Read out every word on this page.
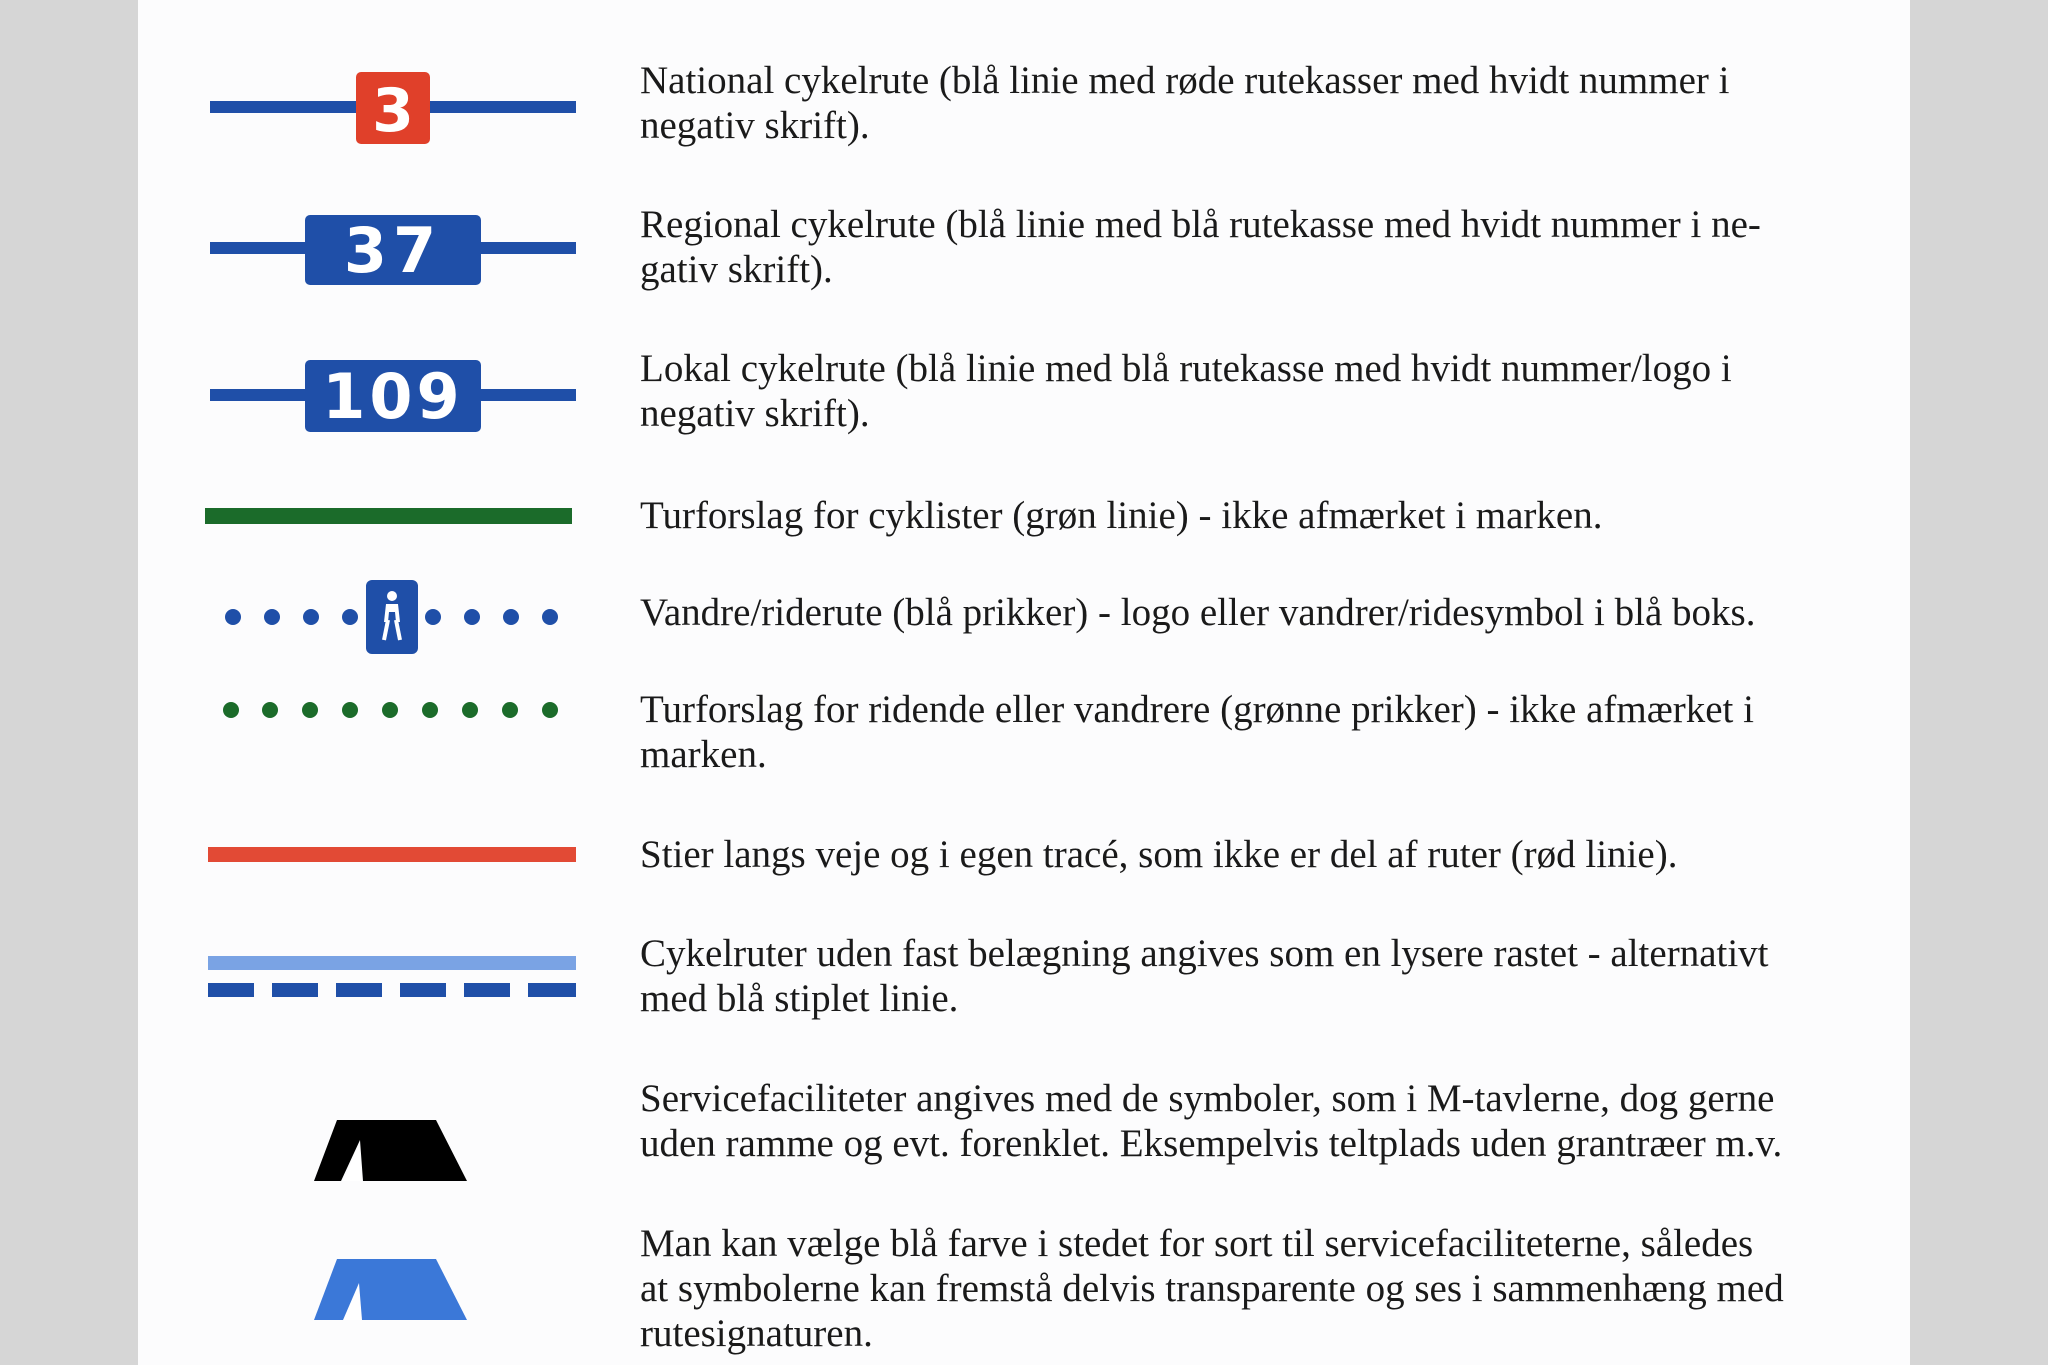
3
37
109
National cykelrute (blå linie med røde rutekasser med hvidt nummer i
negativ skrift).
Regional cykelrute (blå linie med blå rutekasse med hvidt nummer i ne-
gativ skrift).
Lokal cykelrute (blå linie med blå rutekasse med hvidt nummer/logo i
negativ skrift).
Turforslag for cyklister (grøn linie) - ikke afmærket i marken.
Vandre/riderute (blå prikker) - logo eller vandrer/ridesymbol i blå boks.
Turforslag for ridende eller vandrere (grønne prikker) - ikke afmærket i
marken.
Stier langs veje og i egen tracé, som ikke er del af ruter (rød linie).
Cykelruter uden fast belægning angives som en lysere rastet - alternativt
med blå stiplet linie.
Servicefaciliteter angives med de symboler, som i M-tavlerne, dog gerne
uden ramme og evt. forenklet. Eksempelvis teltplads uden grantræer m.v.
Man kan vælge blå farve i stedet for sort til servicefaciliteterne, således
at symbolerne kan fremstå delvis transparente og ses i sammenhæng med
rutesignaturen.
